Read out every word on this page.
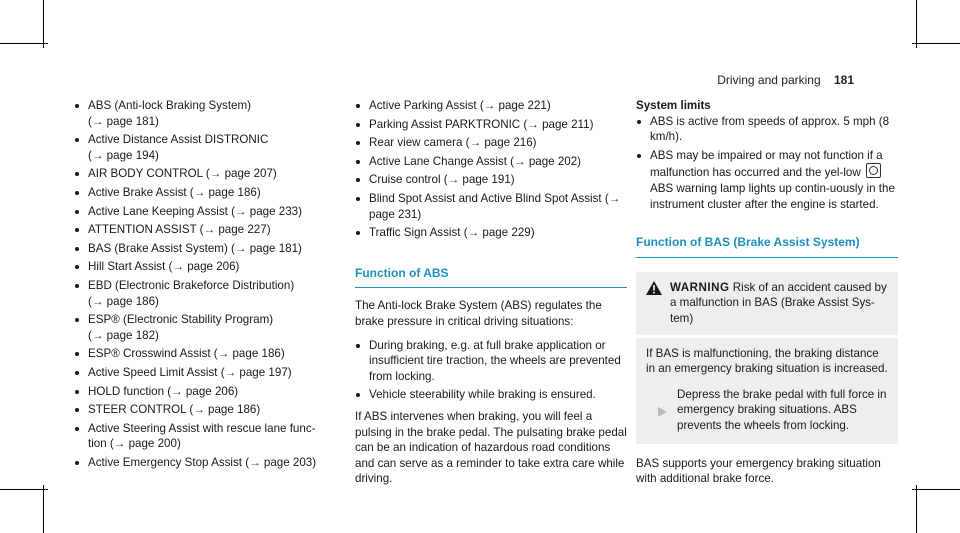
Driving and parking 181
ABS (Anti-lock Braking System)
(→ page 181)
Active Distance Assist DISTRONIC
(→ page 194)
AIR BODY CONTROL (→ page 207)
Active Brake Assist (→ page 186)
Active Lane Keeping Assist (→ page 233)
ATTENTION ASSIST (→ page 227)
BAS (Brake Assist System) (→ page 181)
Hill Start Assist (→ page 206)
EBD (Electronic Brakeforce Distribution)
(→ page 186)
ESP® (Electronic Stability Program)
(→ page 182)
ESP® Crosswind Assist (→ page 186)
Active Speed Limit Assist (→ page 197)
HOLD function (→ page 206)
STEER CONTROL (→ page 186)
Active Steering Assist with rescue lane func-
tion (→ page 200)
Active Emergency Stop Assist (→ page 203)
Active Parking Assist (→ page 221)
Parking Assist PARKTRONIC (→ page 211)
Rear view camera (→ page 216)
Active Lane Change Assist (→ page 202)
Cruise control (→ page 191)
Blind Spot Assist and Active Blind Spot Assist (→ page 231)
Traffic Sign Assist (→ page 229)
Function of ABS

The Anti-lock Brake System (ABS) regulates the brake pressure in critical driving situations:

During braking, e.g. at full brake application or insufficient tire traction, the wheels are prevented from locking.
Vehicle steerability while braking is ensured.

If ABS intervenes when braking, you will feel a pulsing in the brake pedal. The pulsating brake pedal can be an indication of hazardous road conditions and can serve as a reminder to take extra care while driving.

System limits
ABS is active from speeds of approx. 5 mph (8 km/h).
ABS may be impaired or may not function if a malfunction has occurred and the yel-low  ABS warning lamp lights up contin-uously in the instrument cluster after the engine is started.
Function of BAS (Brake Assist System)
WARNING Risk of an accident caused by a malfunction in BAS (Brake Assist Sys-tem)

If BAS is malfunctioning, the braking distance in an emergency braking situation is increased.

Depress the brake pedal with full force in emergency braking situations. ABS prevents the wheels from locking.

BAS supports your emergency braking situation with additional brake force.
